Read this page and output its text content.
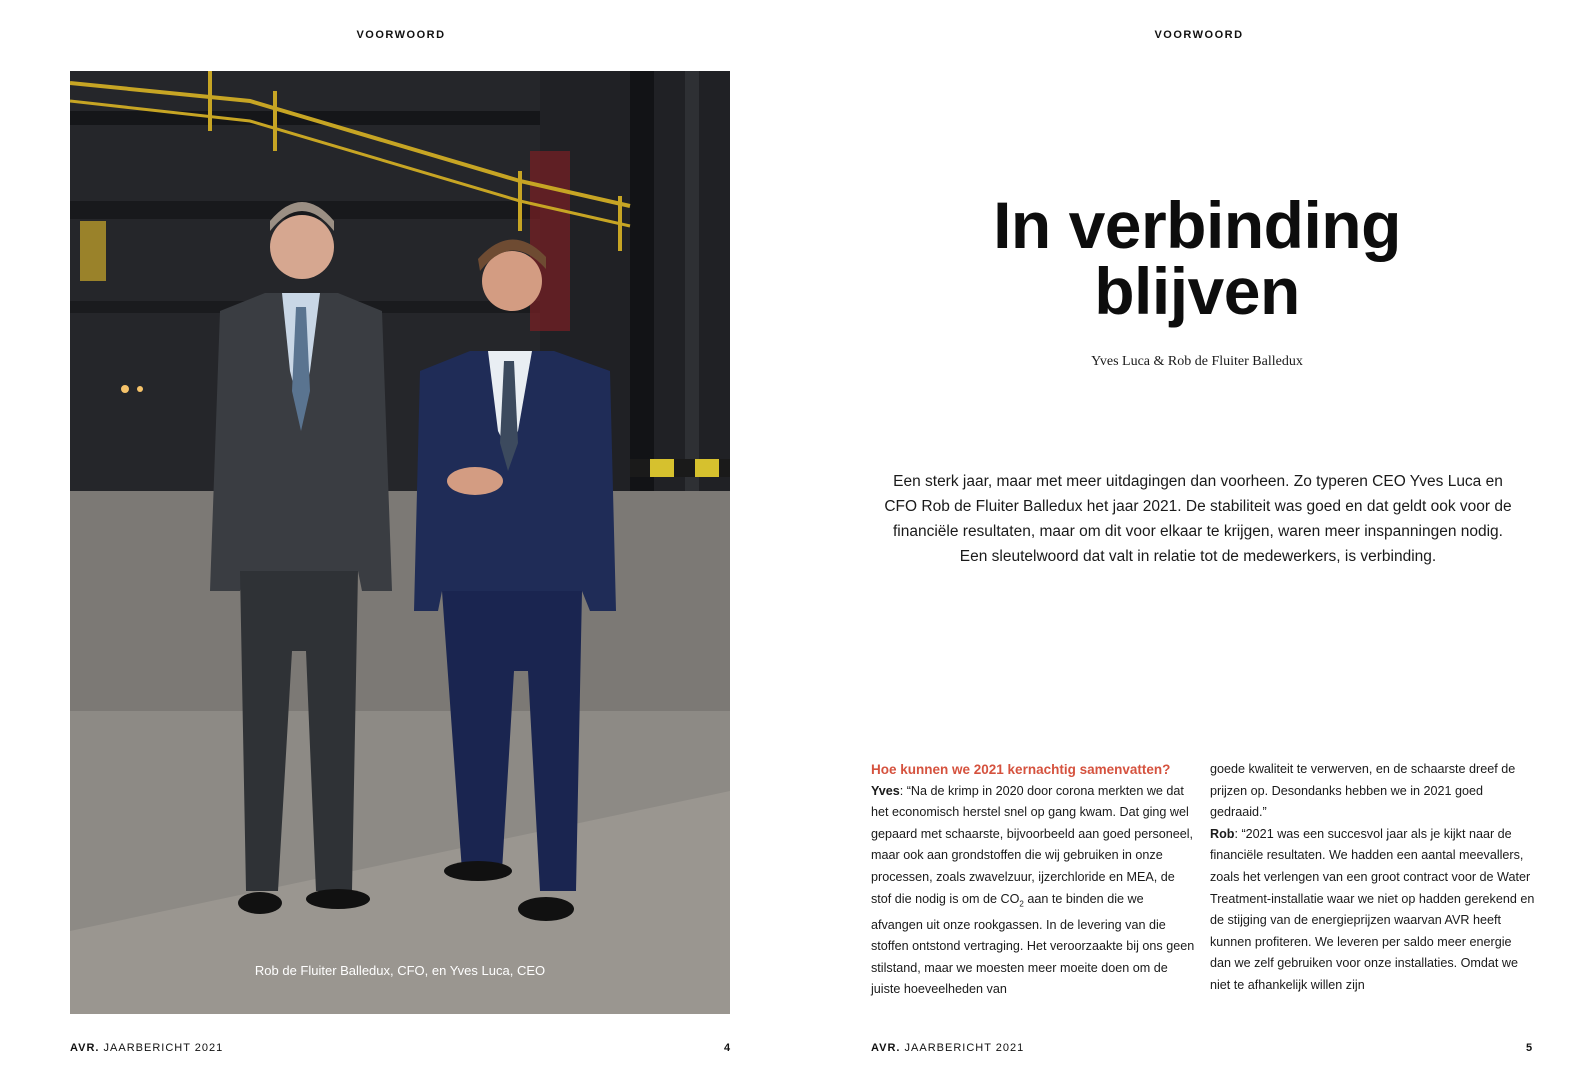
VOORWOORD
Rob de Fluiter Balledux, CFO, en Yves Luca, CEO
AVR. JAARBERICHT 2021	4
VOORWOORD
In verbinding
blijven
Yves Luca & Rob de Fluiter Balledux
Een sterk jaar, maar met meer uitdagingen dan voorheen. Zo typeren CEO Yves Luca en CFO Rob de Fluiter Balledux het jaar 2021. De stabiliteit was goed en dat geldt ook voor de financiële resultaten, maar om dit voor elkaar te krijgen, waren meer inspanningen nodig. Een sleutelwoord dat valt in relatie tot de medewerkers, is verbinding.
Hoe kunnen we 2021 kernachtig samenvatten?
Yves: “Na de krimp in 2020 door corona merkten we dat het economisch herstel snel op gang kwam. Dat ging wel gepaard met schaarste, bijvoorbeeld aan goed personeel, maar ook aan grondstoffen die wij gebruiken in onze processen, zoals zwavelzuur, ijzerchloride en MEA, de stof die nodig is om de $CO_2$ aan te binden die we afvangen uit onze rookgassen. In de levering van die stoffen ontstond vertraging. Het veroorzaakte bij ons geen stilstand, maar we moesten meer moeite doen om de juiste hoeveelheden van
goede kwaliteit te verwerven, en de schaarste dreef de prijzen op. Desondanks hebben we in 2021 goed gedraaid.”
Rob: “2021 was een succesvol jaar als je kijkt naar de financiële resultaten. We hadden een aantal meevallers, zoals het verlengen van een groot contract voor de Water Treatment-installatie waar we niet op hadden gerekend en de stijging van de energieprijzen waarvan AVR heeft kunnen profiteren. We leveren per saldo meer energie dan we zelf gebruiken voor onze installaties. Omdat we niet te afhankelijk willen zijn
AVR. JAARBERICHT 2021	5
